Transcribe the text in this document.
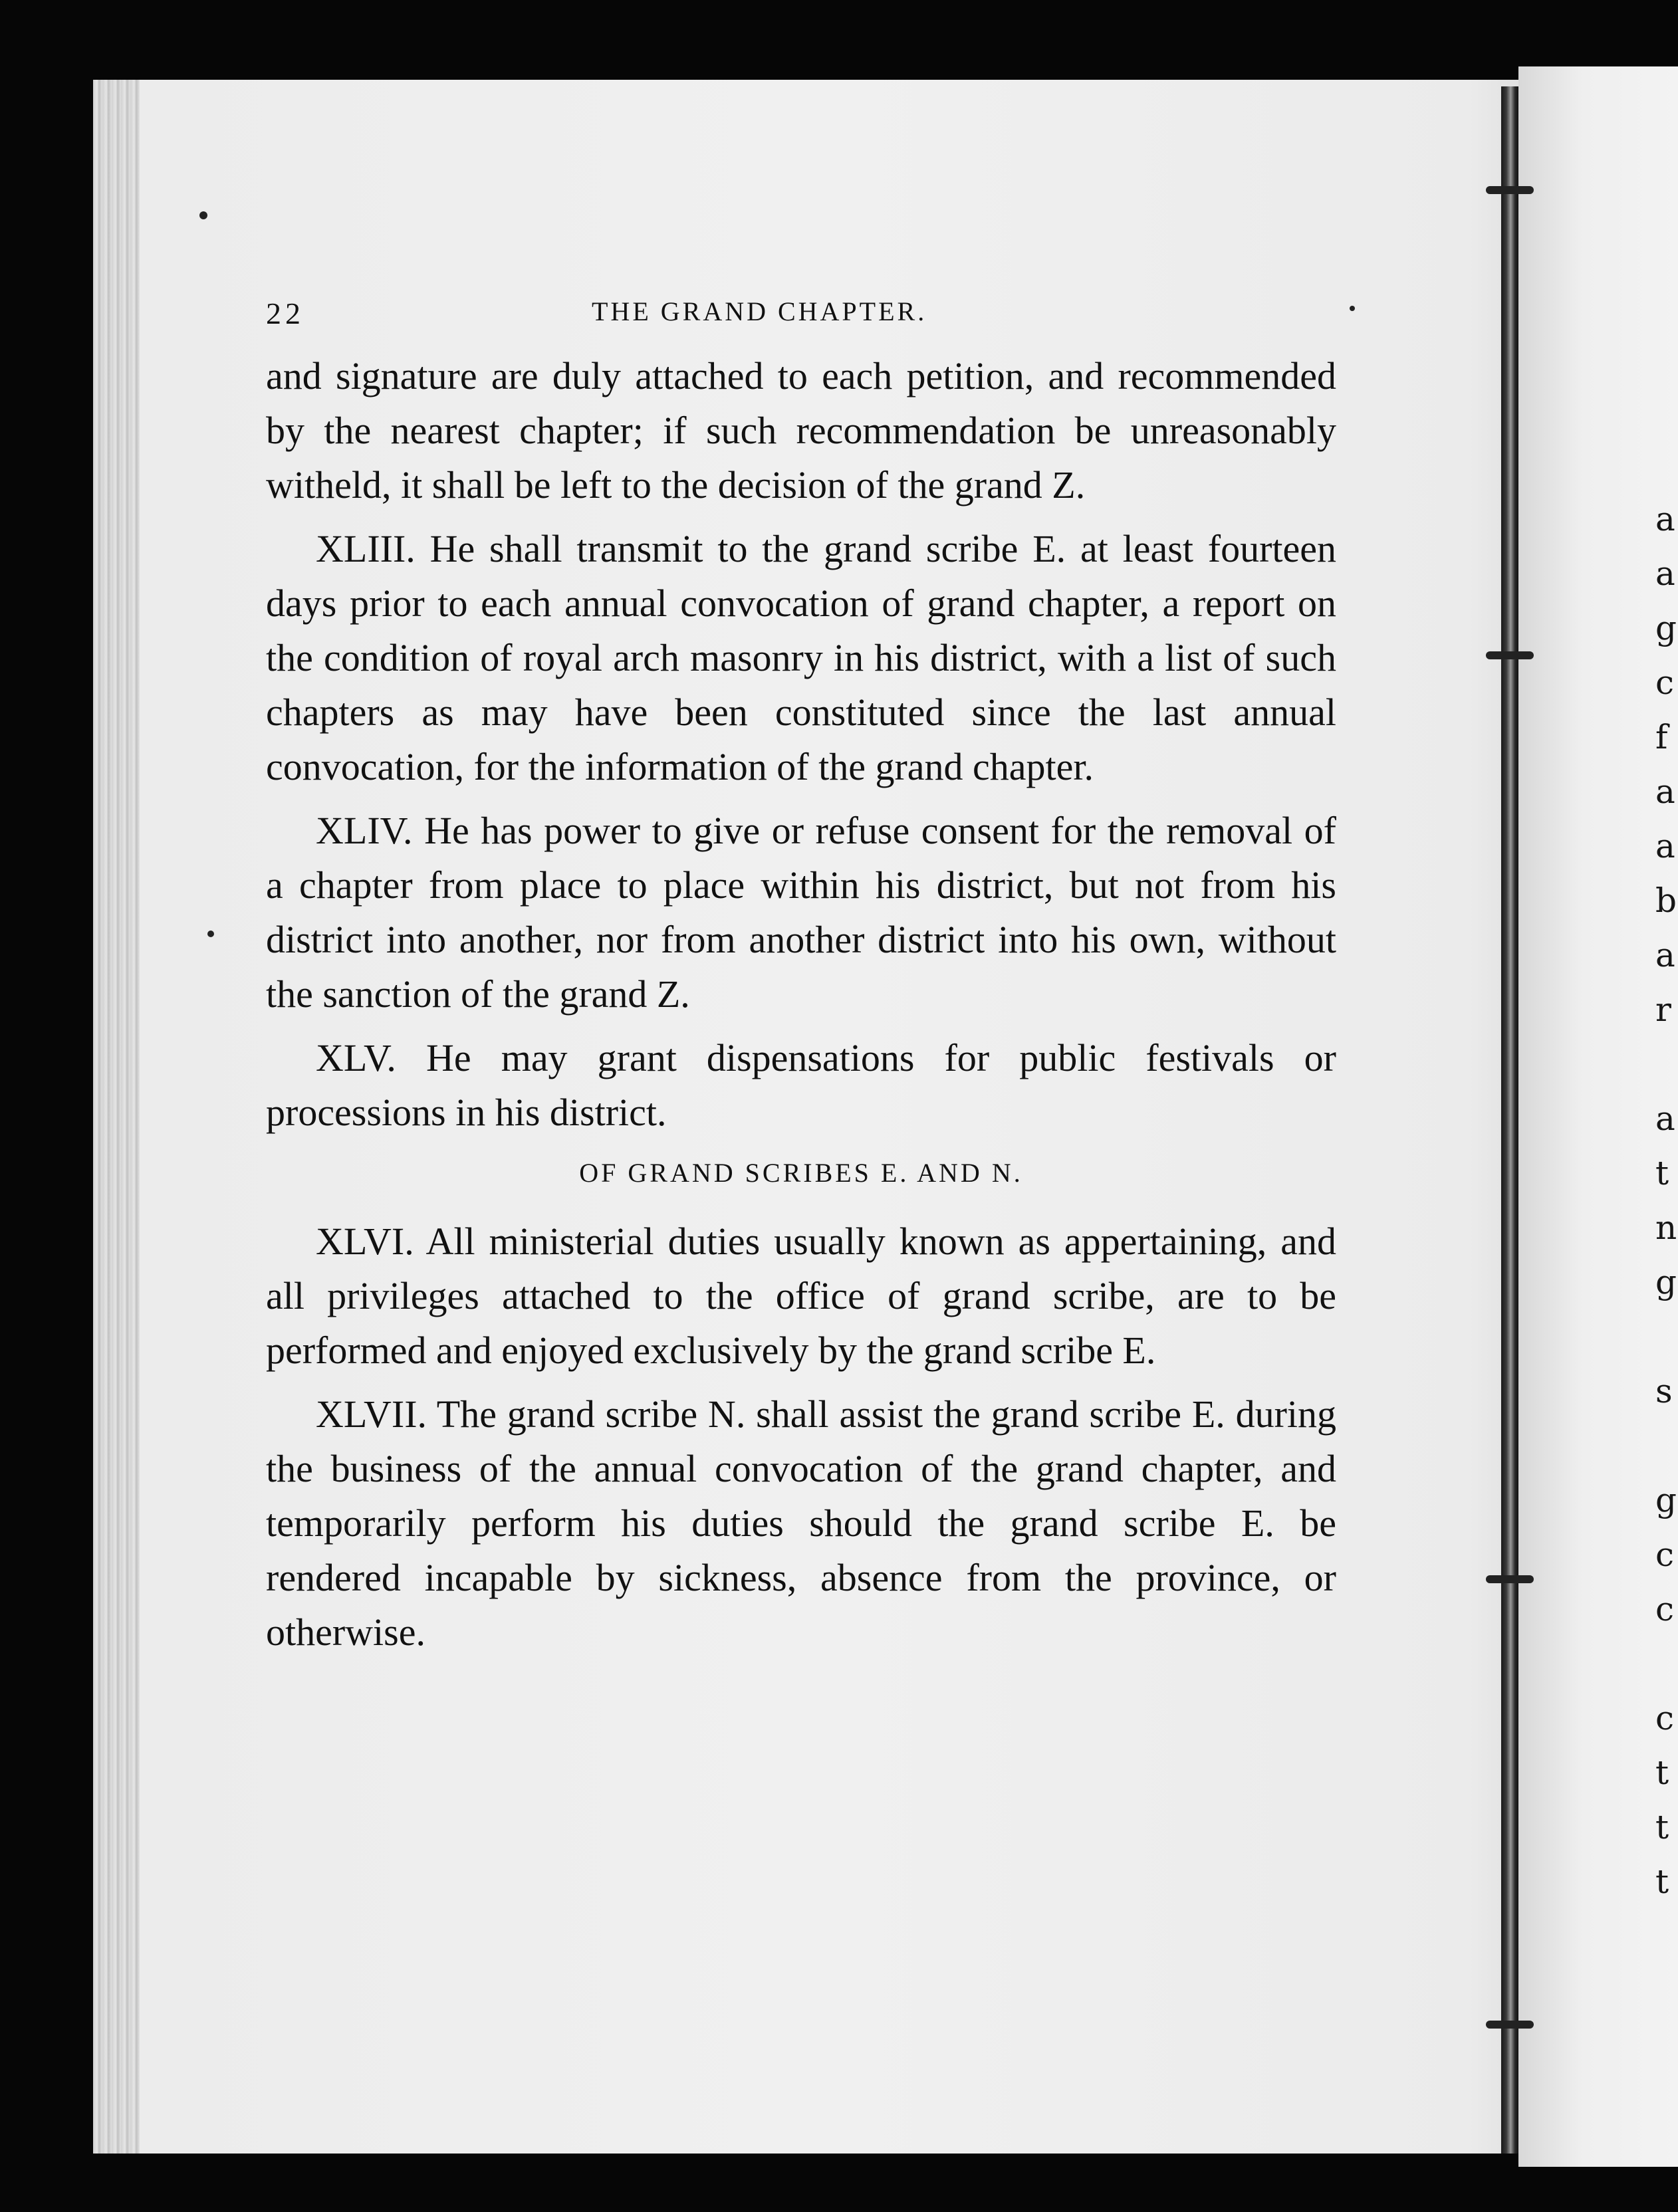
a
a
g
c
f
a
a
b
a
r
a
t
n
g
s
g
c
c
c
t
t
t
22	THE GRAND CHAPTER.

and signature are duly attached to each petition, and recommended by the nearest chapter; if such recommendation be unreasonably witheld, it shall be left to the decision of the grand Z.

XLIII. He shall transmit to the grand scribe E. at least fourteen days prior to each annual convocation of grand chapter, a report on the condition of royal arch masonry in his district, with a list of such chapters as may have been constituted since the last annual convocation, for the information of the grand chapter.

XLIV. He has power to give or refuse consent for the removal of a chapter from place to place within his district, but not from his district into another, nor from another district into his own, without the sanction of the grand Z.

XLV. He may grant dispensations for public festivals or processions in his district.

OF GRAND SCRIBES E. AND N.

XLVI. All ministerial duties usually known as appertaining, and all privileges attached to the office of grand scribe, are to be performed and enjoyed exclusively by the grand scribe E.

XLVII. The grand scribe N. shall assist the grand scribe E. during the business of the annual convocation of the grand chapter, and temporarily perform his duties should the grand scribe E. be rendered incapable by sickness, absence from the province, or otherwise.
